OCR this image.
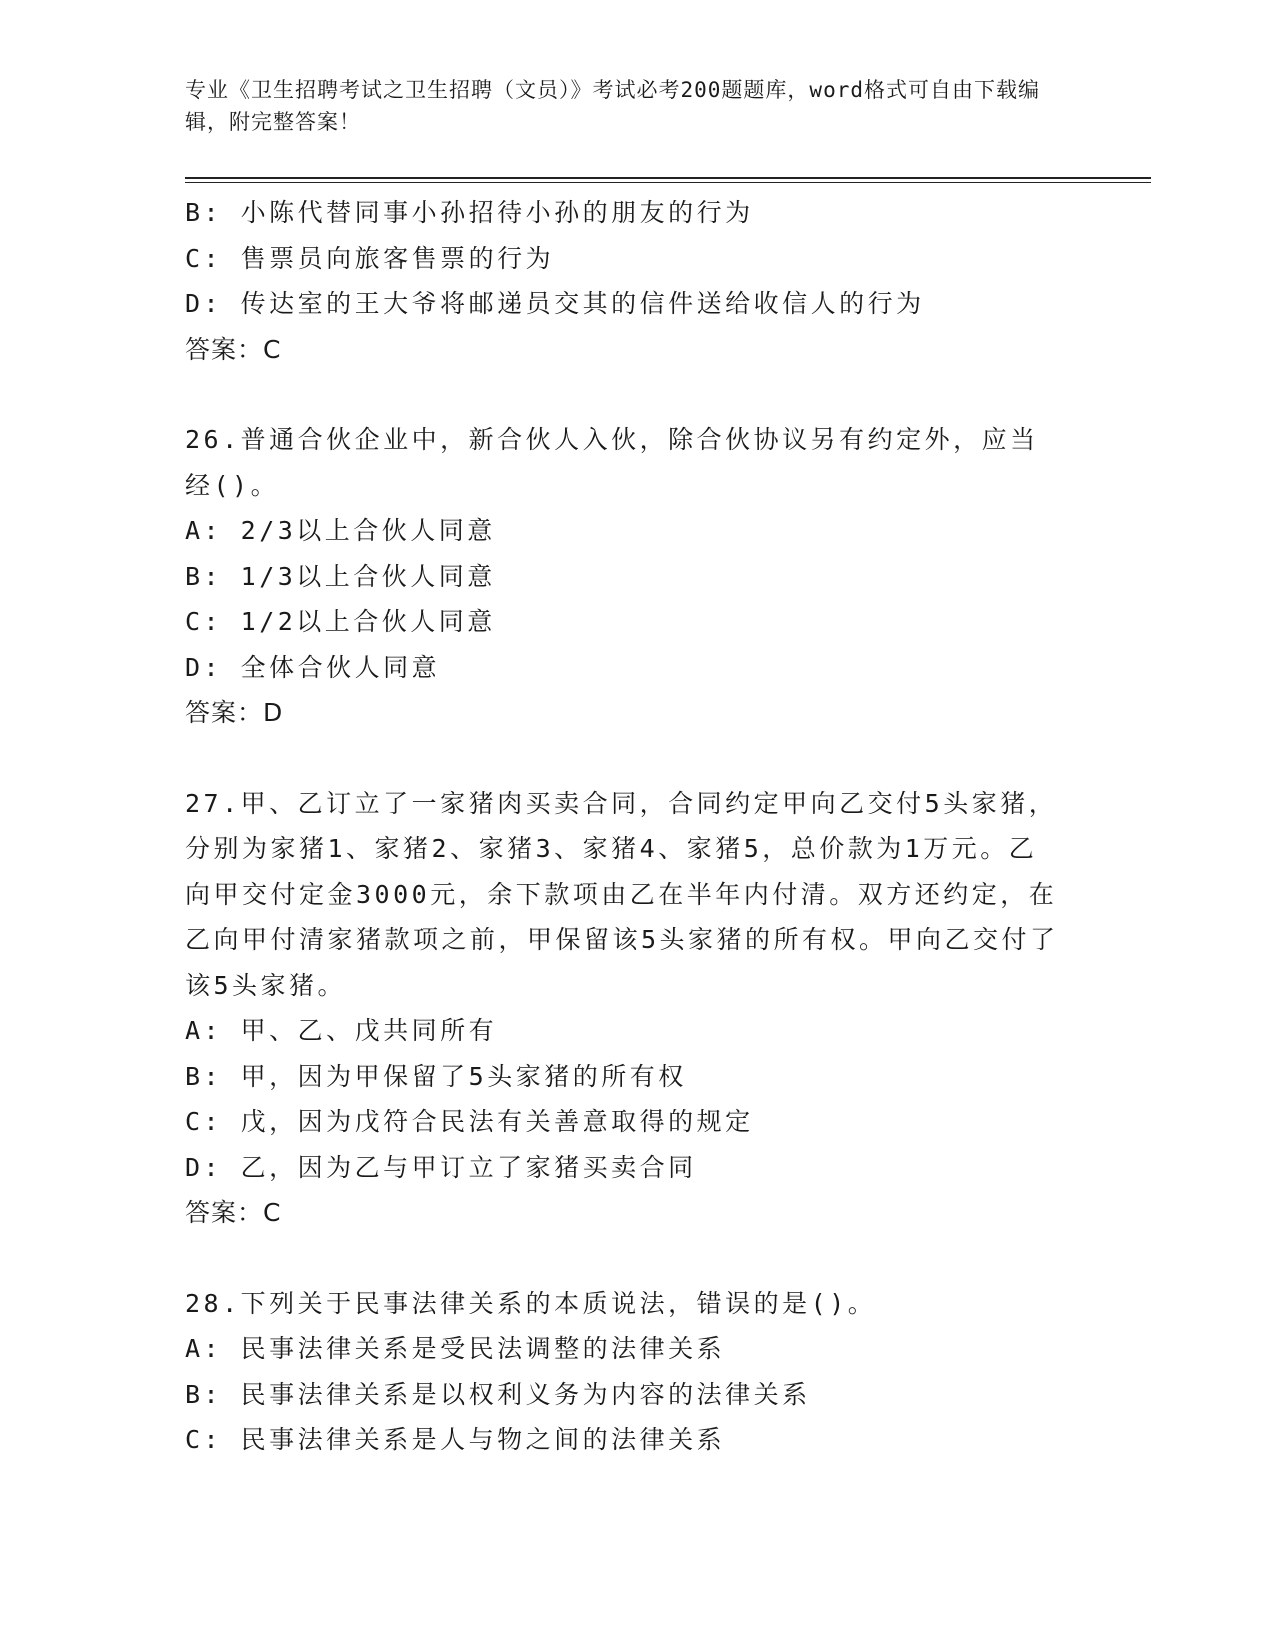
专业《卫生招聘考试之卫生招聘（文员）》考试必考200题题库，word格式可自由下载编辑，附完整答案！
B: 小陈代替同事小孙招待小孙的朋友的行为
C: 售票员向旅客售票的行为
D: 传达室的王大爷将邮递员交其的信件送给收信人的行为
答案：C
26.普通合伙企业中，新合伙人入伙，除合伙协议另有约定外，应当经()。
A: 2/3以上合伙人同意
B: 1/3以上合伙人同意
C: 1/2以上合伙人同意
D: 全体合伙人同意
答案：D
27.甲、乙订立了一家猪肉买卖合同，合同约定甲向乙交付5头家猪，分别为家猪1、家猪2、家猪3、家猪4、家猪5，总价款为1万元。乙向甲交付定金3000元，余下款项由乙在半年内付清。双方还约定，在乙向甲付清家猪款项之前，甲保留该5头家猪的所有权。甲向乙交付了该5头家猪。
A: 甲、乙、戊共同所有
B: 甲，因为甲保留了5头家猪的所有权
C: 戊，因为戊符合民法有关善意取得的规定
D: 乙，因为乙与甲订立了家猪买卖合同
答案：C
28.下列关于民事法律关系的本质说法，错误的是()。
A: 民事法律关系是受民法调整的法律关系
B: 民事法律关系是以权利义务为内容的法律关系
C: 民事法律关系是人与物之间的法律关系
